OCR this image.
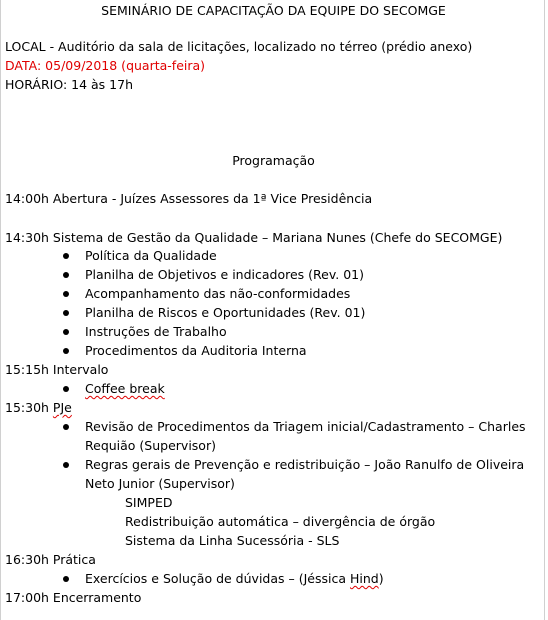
SEMINÁRIO DE CAPACITAÇÃO DA EQUIPE DO SECOMGE
LOCAL - Auditório da sala de licitações, localizado no térreo (prédio anexo)
DATA: 05/09/2018 (quarta-feira)
HORÁRIO: 14 às 17h
Programação
14:00h Abertura - Juízes Assessores da 1ª Vice Presidência
14:30h Sistema de Gestão da Qualidade – Mariana Nunes (Chefe do SECOMGE)
Política da Qualidade
Planilha de Objetivos e indicadores (Rev. 01)
Acompanhamento das não-conformidades
Planilha de Riscos e Oportunidades (Rev. 01)
Instruções de Trabalho
Procedimentos da Auditoria Interna
15:15h Intervalo
Coffee break
15:30h PJe
Revisão de Procedimentos da Triagem inicial/Cadastramento – Charles
Requião (Supervisor)
Regras gerais de Prevenção e redistribuição – João Ranulfo de Oliveira
Neto Junior (Supervisor)
SIMPED
Redistribuição automática – divergência de órgão
Sistema da Linha Sucessória - SLS
16:30h Prática
Exercícios e Solução de dúvidas – (Jéssica Hind)
17:00h Encerramento
